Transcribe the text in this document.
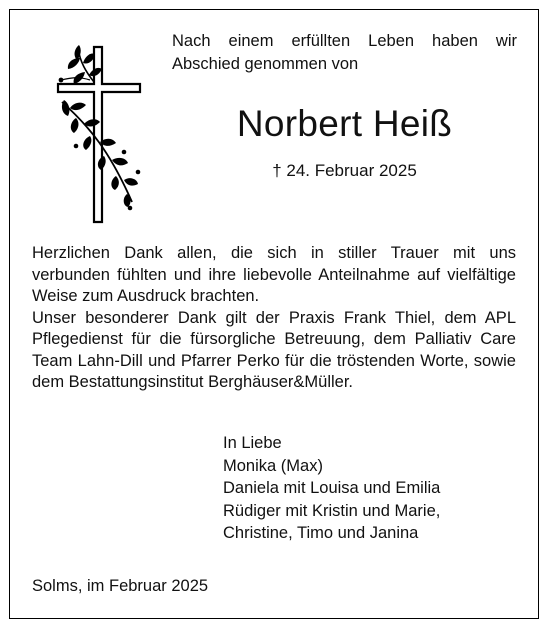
Nach einem erfüllten Leben haben wir
Abschied genommen von
Norbert Heiß
† 24. Februar 2025
Herzlichen Dank allen, die sich in stiller Trauer mit uns
verbunden fühlten und ihre liebevolle Anteilnahme auf vielfältige
Weise zum Ausdruck brachten.
Unser besonderer Dank gilt der Praxis Frank Thiel, dem APL
Pflegedienst für die fürsorgliche Betreuung, dem Palliativ Care
Team Lahn-Dill und Pfarrer Perko für die tröstenden Worte, sowie
dem Bestattungsinstitut Berghäuser&Müller.
In Liebe
Monika (Max)
Daniela mit Louisa und Emilia
Rüdiger mit Kristin und Marie,
Christine, Timo und Janina
Solms, im Februar 2025
